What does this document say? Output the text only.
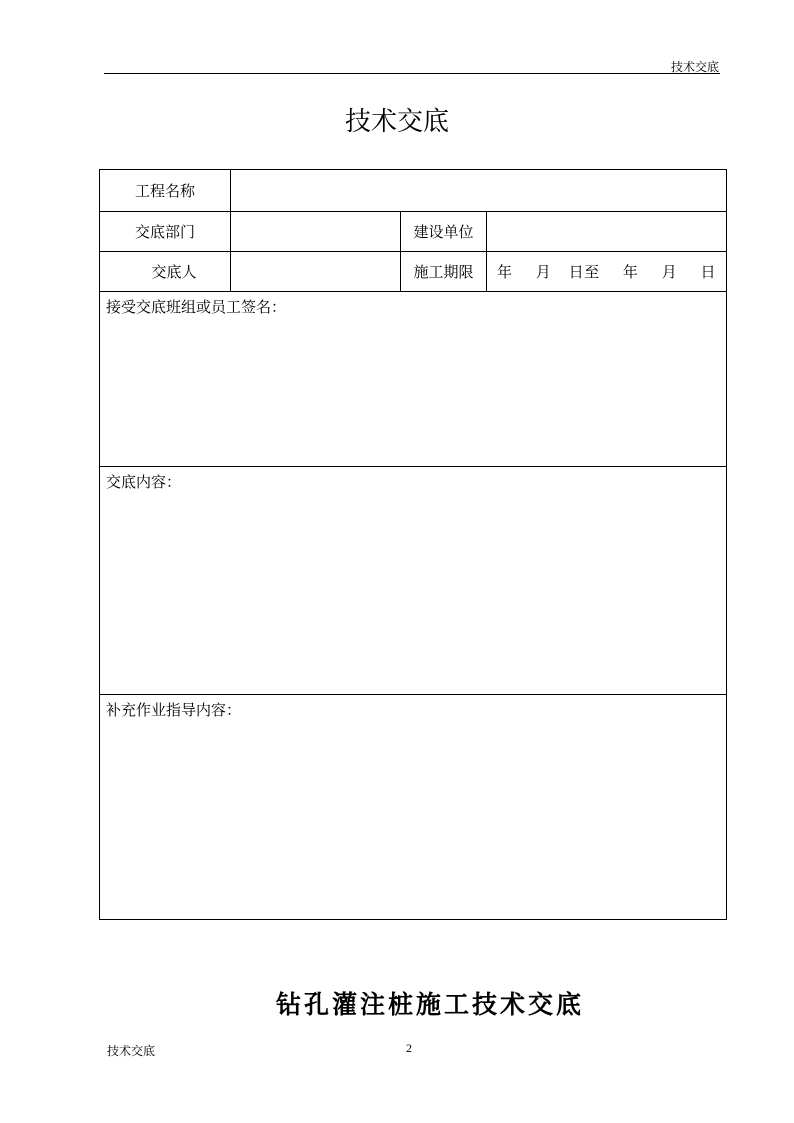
技术交底
技术交底
工程名称			
交底部门		建设单位	
交底人		施工期限	年 月 日至 年 月 日
接受交底班组或员工签名：			
交底内容：			
补充作业指导内容：			
钻孔灌注桩施工技术交底
技术交底	2
